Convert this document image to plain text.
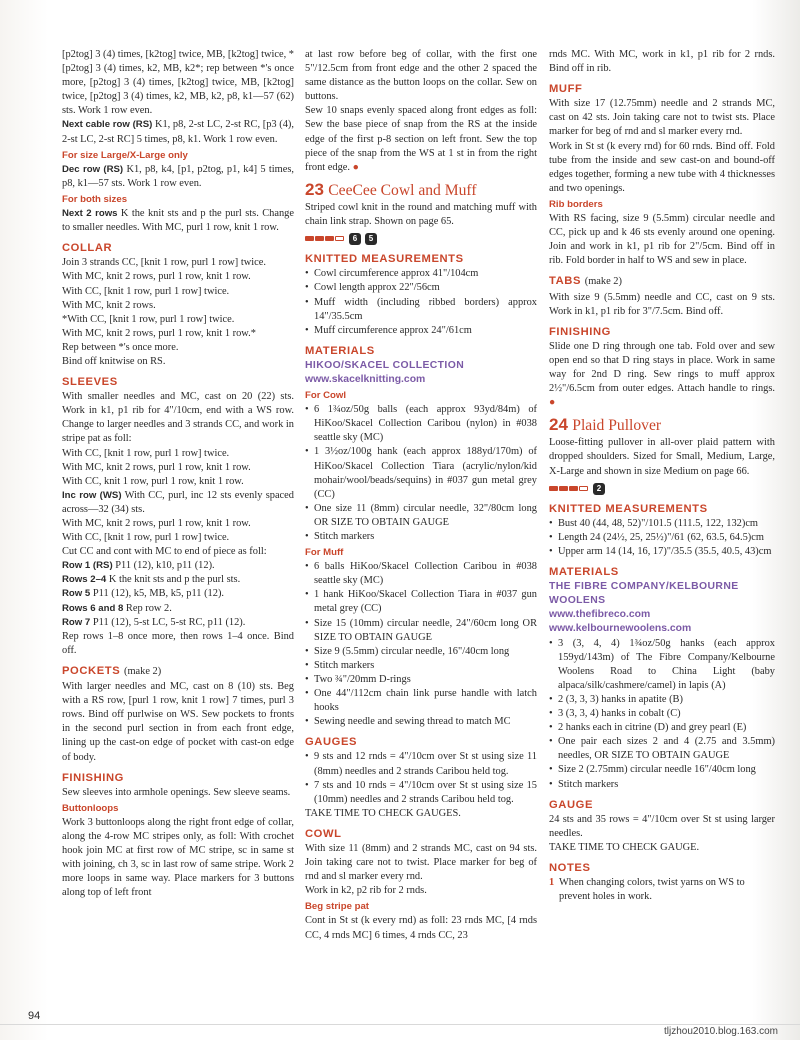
[p2tog] 3 (4) times, [k2tog] twice, MB, [k2tog] twice, *[p2tog] 3 (4) times, k2, MB, k2*; rep between *'s once more, [p2tog] 3 (4) times, [k2tog] twice, MB, [k2tog] twice, [p2tog] 3 (4) times, k2, MB, k2, p8, k1—57 (62) sts. Work 1 row even.

Next cable row (RS) K1, p8, 2-st LC, 2-st RC, [p3 (4), 2-st LC, 2-st RC] 5 times, p8, k1. Work 1 row even.

For size Large/X-Large only

Dec row (RS) K1, p8, k4, [p1, p2tog, p1, k4] 5 times, p8, k1—57 sts. Work 1 row even.

For both sizes

Next 2 rows K the knit sts and p the purl sts. Change to smaller needles. With MC, purl 1 row, knit 1 row.

COLLAR

Join 3 strands CC, [knit 1 row, purl 1 row] twice.

With MC, knit 2 rows, purl 1 row, knit 1 row.

With CC, [knit 1 row, purl 1 row] twice.

With MC, knit 2 rows.

*With CC, [knit 1 row, purl 1 row] twice.

With MC, knit 2 rows, purl 1 row, knit 1 row.*

Rep between *'s once more.

Bind off knitwise on RS.

SLEEVES

With smaller needles and MC, cast on 20 (22) sts. Work in k1, p1 rib for 4"/10cm, end with a WS row. Change to larger needles and 3 strands CC, and work in stripe pat as foll:

With CC, [knit 1 row, purl 1 row] twice.

With MC, knit 2 rows, purl 1 row, knit 1 row.

With CC, knit 1 row, purl 1 row, knit 1 row.

Inc row (WS) With CC, purl, inc 12 sts evenly spaced across—32 (34) sts.

With MC, knit 2 rows, purl 1 row, knit 1 row.

With CC, [knit 1 row, purl 1 row] twice.

Cut CC and cont with MC to end of piece as foll:

Row 1 (RS) P11 (12), k10, p11 (12).

Rows 2–4 K the knit sts and p the purl sts.

Row 5 P11 (12), k5, MB, k5, p11 (12).

Rows 6 and 8 Rep row 2.

Row 7 P11 (12), 5-st LC, 5-st RC, p11 (12).

Rep rows 1–8 once more, then rows 1–4 once. Bind off.

POCKETS (make 2)

With larger needles and MC, cast on 8 (10) sts. Beg with a RS row, [purl 1 row, knit 1 row] 7 times, purl 3 rows. Bind off purlwise on WS. Sew pockets to fronts in the second purl section in from each front edge, lining up the cast-on edge of pocket with cast-on edge of body.

FINISHING

Sew sleeves into armhole openings. Sew sleeve seams.

Buttonloops

Work 3 buttonloops along the right front edge of collar, along the 4-row MC stripes only, as foll: With crochet hook join MC at first row of MC stripe, sc in same st with joining, ch 3, sc in last row of same stripe. Work 2 more loops in same way. Place markers for 3 buttons along top of left front

at last row before beg of collar, with the first one 5"/12.5cm from front edge and the other 2 spaced the same distance as the button loops on the collar. Sew on buttons.

Sew 10 snaps evenly spaced along front edges as foll: Sew the base piece of snap from the RS at the inside edge of the first p-8 section on left front. Sew the top piece of the snap from the WS at 1 st in from the right front edge. ●

23 CeeCee Cowl and Muff

Striped cowl knit in the round and matching muff with chain link strap. Shown on page 65.

6	5
KNITTED MEASUREMENTS
• Cowl circumference approx 41"/104cm
• Cowl length approx 22"/56cm
• Muff width (including ribbed borders) approx 14"/35.5cm
• Muff circumference approx 24"/61cm
MATERIALS
HIKOO/SKACEL COLLECTION
www.skacelknitting.com
For Cowl
• 6 1¾oz/50g balls (each approx 93yd/84m) of HiKoo/Skacel Collection Caribou (nylon) in #038 seattle sky (MC)
• 1 3½oz/100g hank (each approx 188yd/170m) of HiKoo/Skacel Collection Tiara (acrylic/nylon/kid mohair/wool/beads/sequins) in #037 gun metal grey (CC)
• One size 11 (8mm) circular needle, 32"/80cm long OR SIZE TO OBTAIN GAUGE
• Stitch markers
For Muff
• 6 balls HiKoo/Skacel Collection Caribou in #038 seattle sky (MC)
• 1 hank HiKoo/Skacel Collection Tiara in #037 gun metal grey (CC)
• Size 15 (10mm) circular needle, 24"/60cm long OR SIZE TO OBTAIN GAUGE
• Size 9 (5.5mm) circular needle, 16"/40cm long
• Stitch markers
• Two ¾"/20mm D-rings
• One 44"/112cm chain link purse handle with latch hooks
• Sewing needle and sewing thread to match MC
GAUGES
• 9 sts and 12 rnds = 4"/10cm over St st using size 11 (8mm) needles and 2 strands Caribou held tog.
• 7 sts and 10 rnds = 4"/10cm over St st using size 15 (10mm) needles and 2 strands Caribou held tog.

TAKE TIME TO CHECK GAUGES.

COWL

With size 11 (8mm) and 2 strands MC, cast on 94 sts. Join taking care not to twist. Place marker for beg of rnd and sl marker every rnd.

Work in k2, p2 rib for 2 rnds.

Beg stripe pat

Cont in St st (k every rnd) as foll: 23 rnds MC, [4 rnds CC, 4 rnds MC] 6 times, 4 rnds CC, 23

rnds MC. With MC, work in k1, p1 rib for 2 rnds. Bind off in rib.

MUFF

With size 17 (12.75mm) needle and 2 strands MC, cast on 42 sts. Join taking care not to twist sts. Place marker for beg of rnd and sl marker every rnd.

Work in St st (k every rnd) for 60 rnds. Bind off. Fold tube from the inside and sew cast-on and bound-off edges together, forming a new tube with 4 thicknesses and two openings.

Rib borders

With RS facing, size 9 (5.5mm) circular needle and CC, pick up and k 46 sts evenly around one opening. Join and work in k1, p1 rib for 2"/5cm. Bind off in rib. Fold border in half to WS and sew in place.

TABS (make 2)

With size 9 (5.5mm) needle and CC, cast on 9 sts. Work in k1, p1 rib for 3"/7.5cm. Bind off.

FINISHING

Slide one D ring through one tab. Fold over and sew open end so that D ring stays in place. Work in same way for 2nd D ring. Sew rings to muff approx 2½"/6.5cm from outer edges. Attach handle to rings. ●

24 Plaid Pullover

Loose-fitting pullover in all-over plaid pattern with dropped shoulders. Sized for Small, Medium, Large, X-Large and shown in size Medium on page 66.

2
KNITTED MEASUREMENTS
• Bust 40 (44, 48, 52)"/101.5 (111.5, 122, 132)cm
• Length 24 (24½, 25, 25½)"/61 (62, 63.5, 64.5)cm
• Upper arm 14 (14, 16, 17)"/35.5 (35.5, 40.5, 43)cm
MATERIALS
THE FIBRE COMPANY/KELBOURNE
WOOLENS
www.thefibreco.com
www.kelbournewoolens.com
• 3 (3, 4, 4) 1¾oz/50g hanks (each approx 159yd/143m) of The Fibre Company/Kelbourne Woolens Road to China Light (baby alpaca/silk/cashmere/camel) in lapis (A)
• 2 (3, 3, 3) hanks in apatite (B)
• 3 (3, 3, 4) hanks in cobalt (C)
• 2 hanks each in citrine (D) and grey pearl (E)
• One pair each sizes 2 and 4 (2.75 and 3.5mm) needles, OR SIZE TO OBTAIN GAUGE
• Size 2 (2.75mm) circular needle 16"/40cm long
• Stitch markers
GAUGE

24 sts and 35 rows = 4"/10cm over St st using larger needles.

TAKE TIME TO CHECK GAUGE.

NOTES
1 When changing colors, twist yarns on WS to prevent holes in work.
94
tljzhou2010.blog.163.com
